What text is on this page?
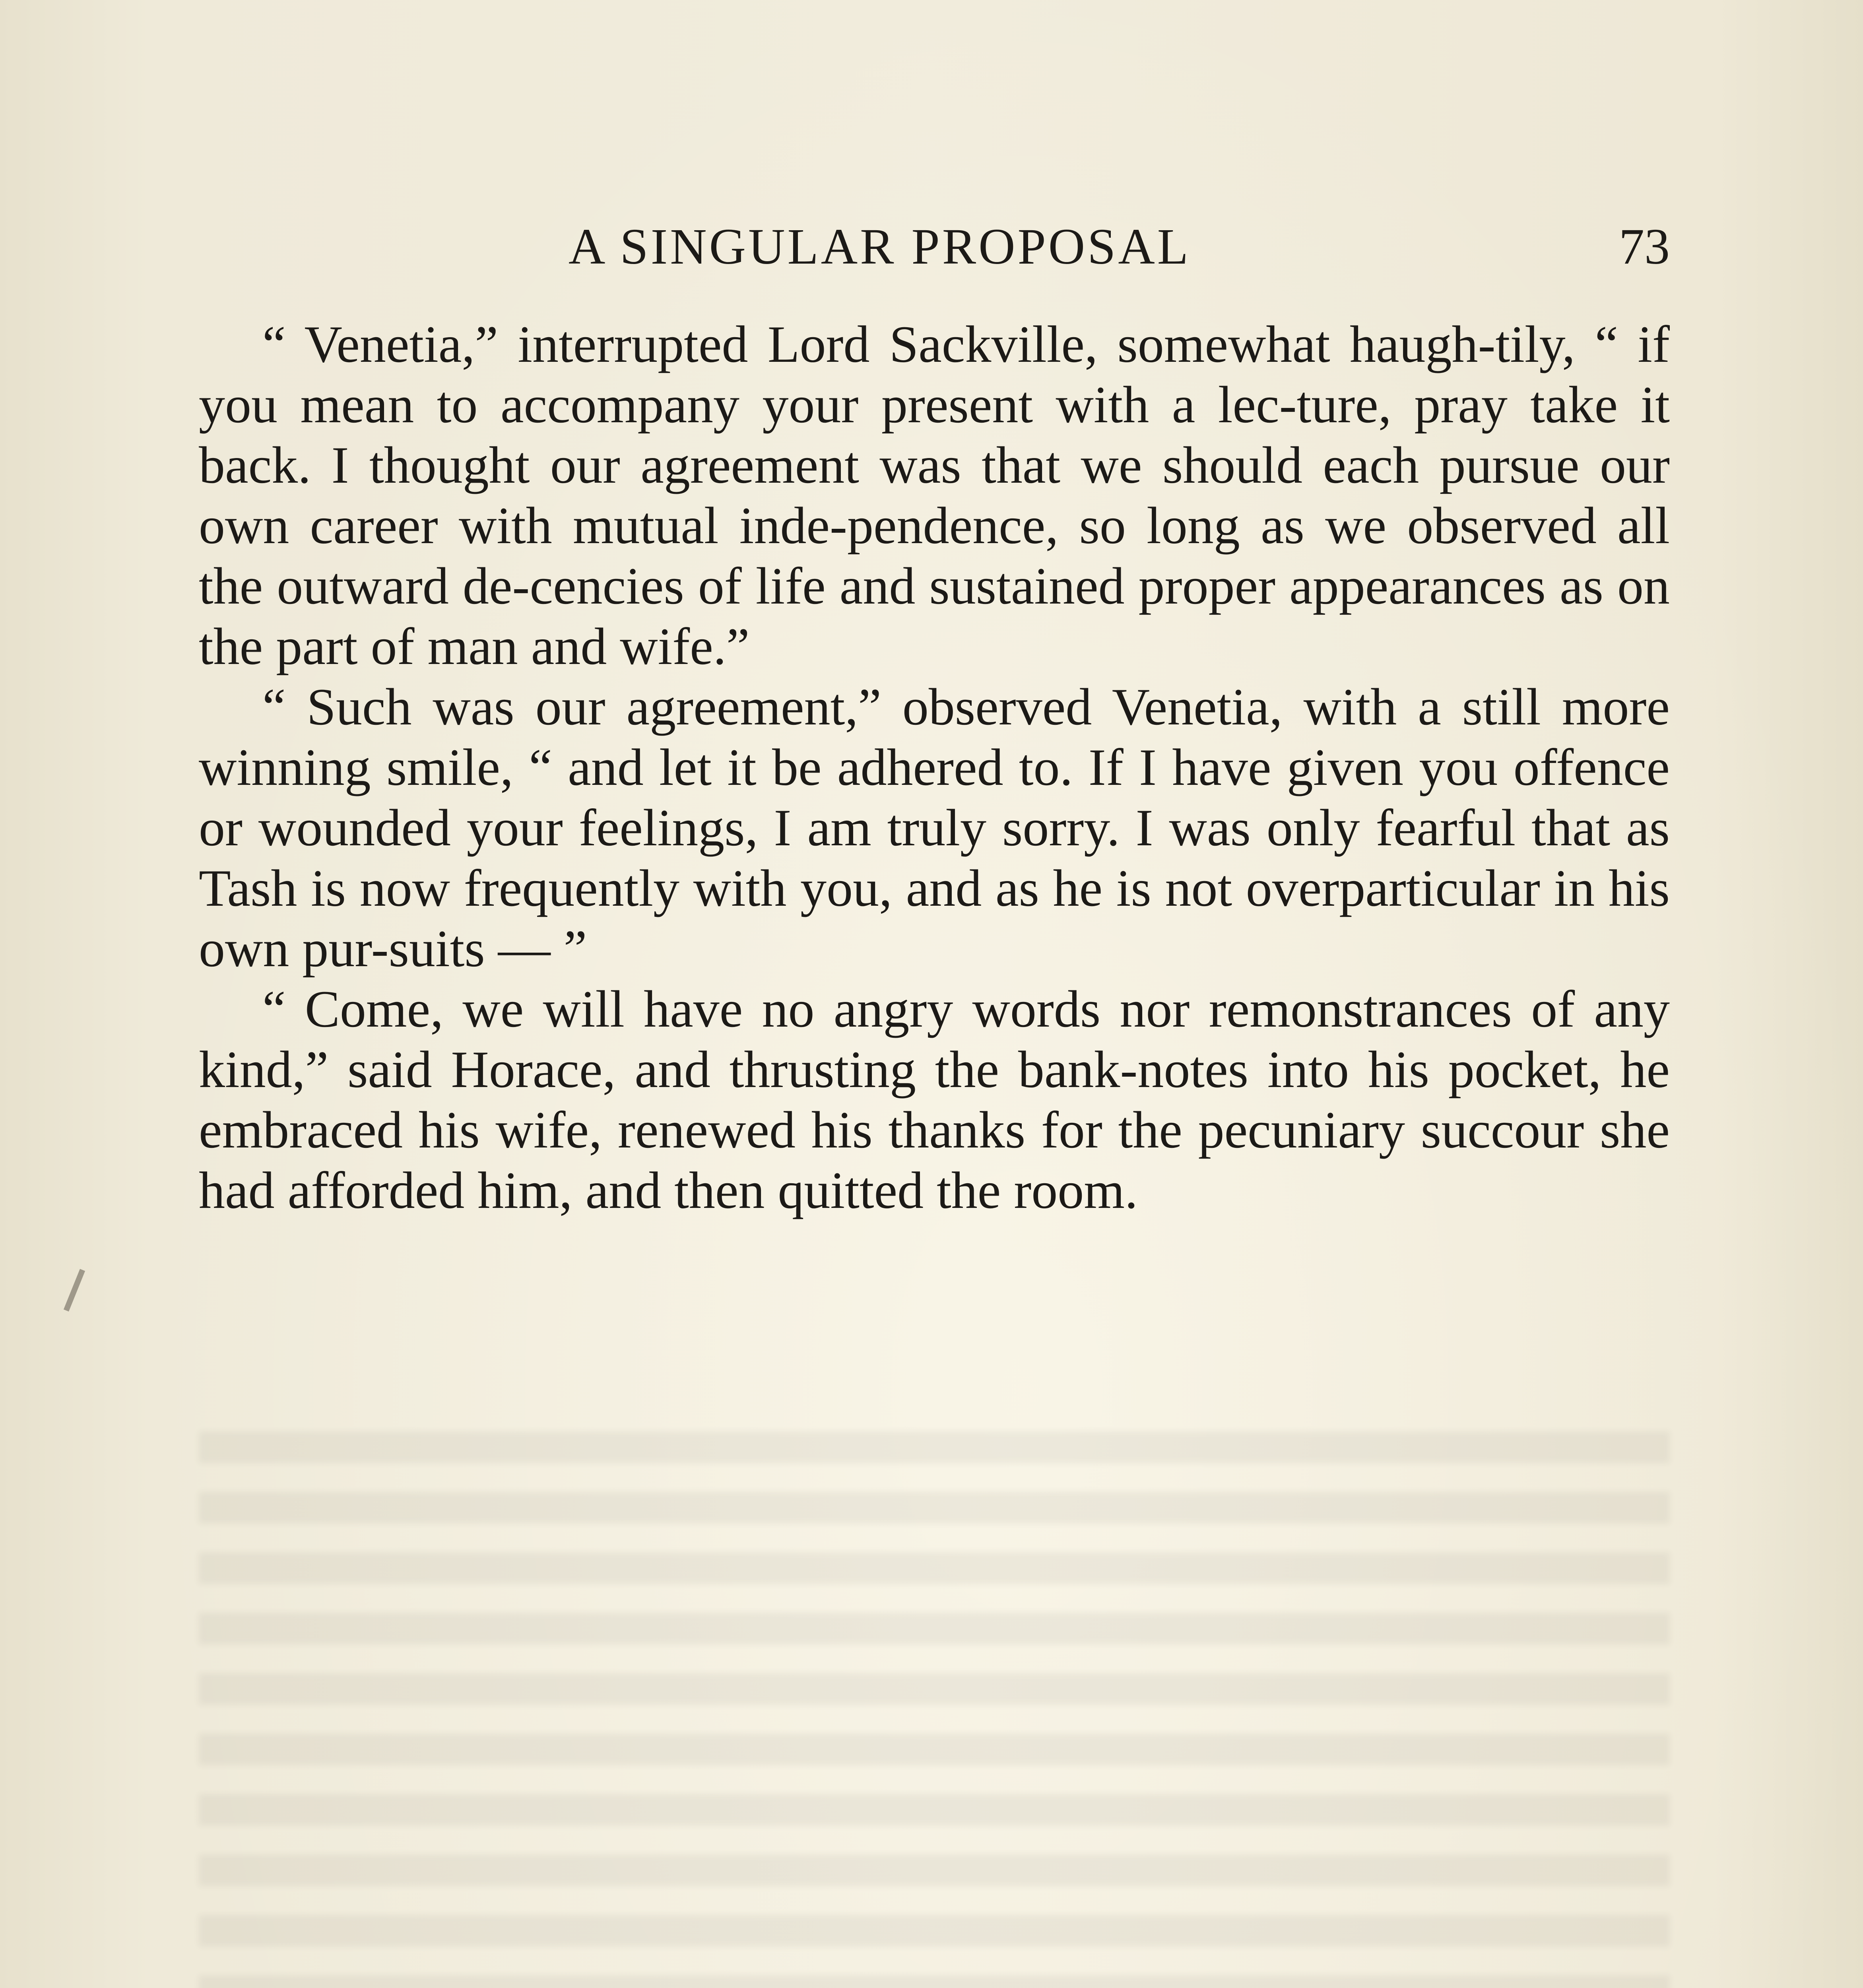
A SINGULAR PROPOSAL	73

“ Venetia,” interrupted Lord Sackville, somewhat haugh-tily, “ if you mean to accompany your present with a lec-ture, pray take it back. I thought our agreement was that we should each pursue our own career with mutual inde-pendence, so long as we observed all the outward de-cencies of life and sustained proper appearances as on the part of man and wife.”

“ Such was our agreement,” observed Venetia, with a still more winning smile, “ and let it be adhered to. If I have given you offence or wounded your feelings, I am truly sorry. I was only fearful that as Tash is now frequently with you, and as he is not overparticular in his own pur-suits — ”

“ Come, we will have no angry words nor remonstrances of any kind,” said Horace, and thrusting the bank-notes into his pocket, he embraced his wife, renewed his thanks for the pecuniary succour she had afforded him, and then quitted the room.
